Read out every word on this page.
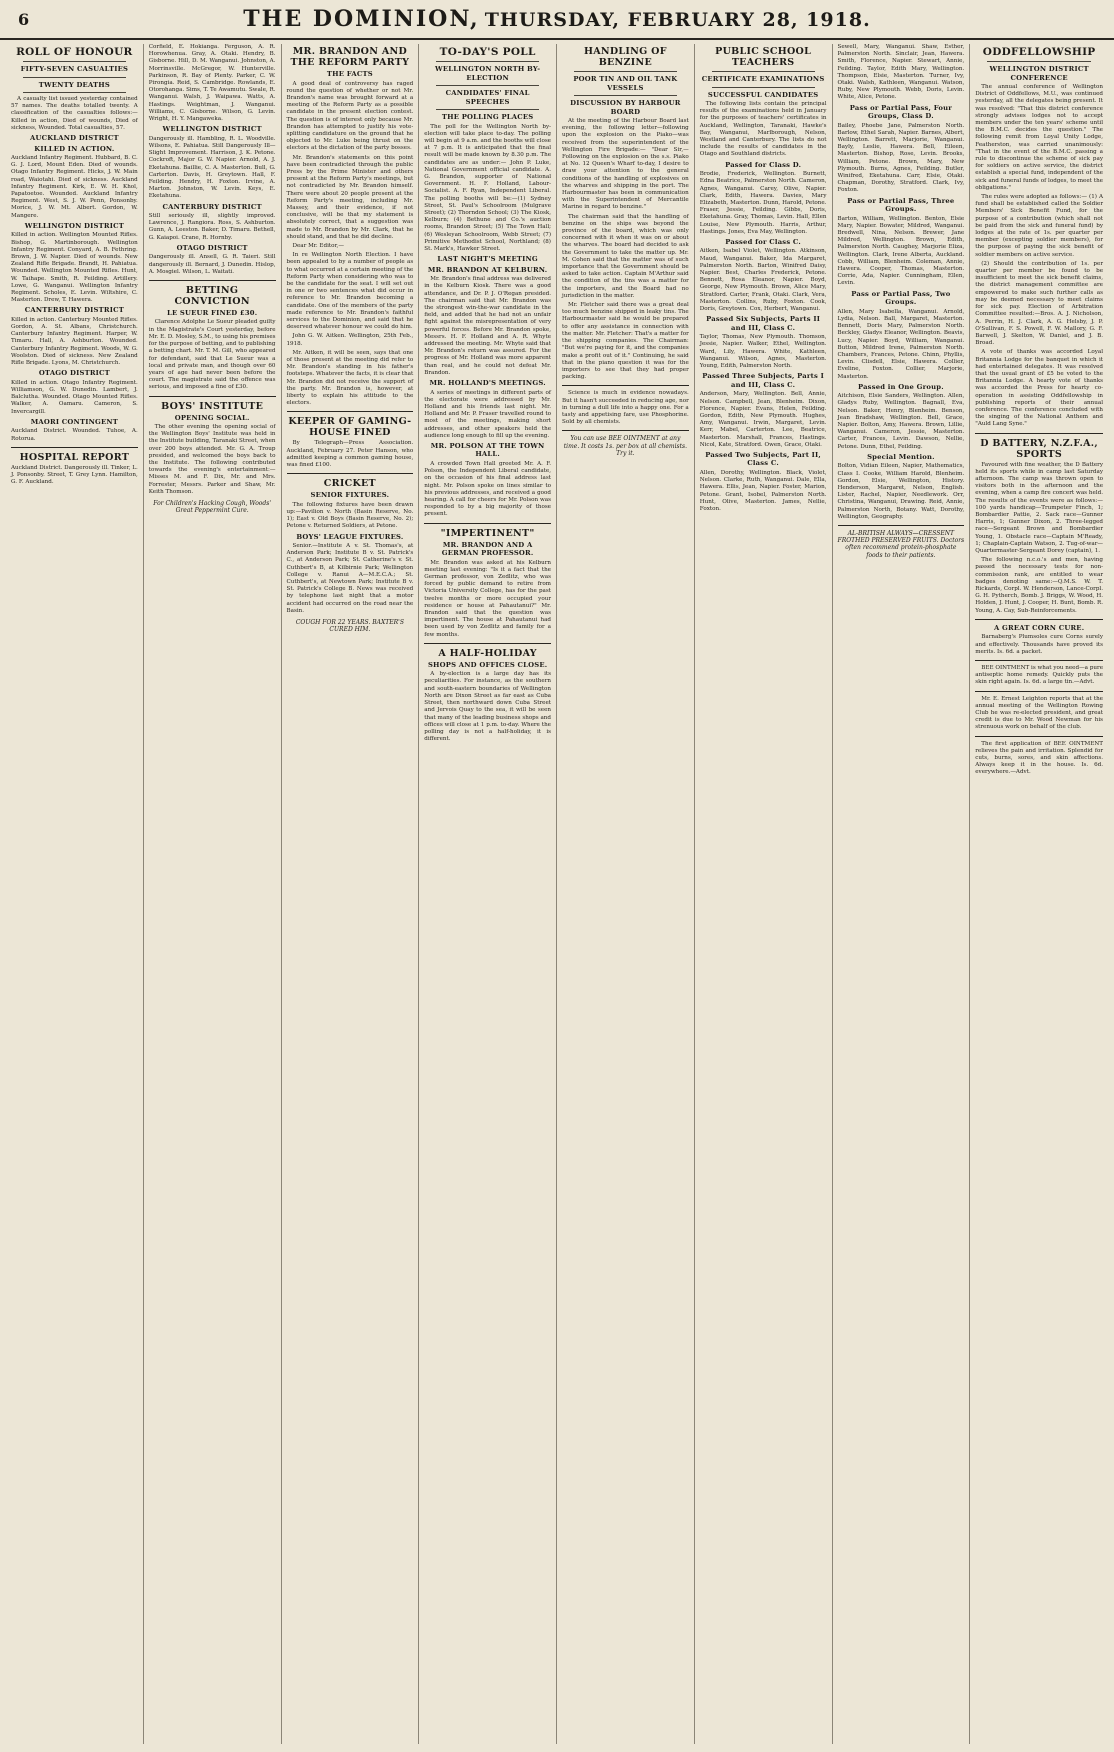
6	THE DOMINION, THURSDAY, FEBRUARY 28, 1918.
ROLL OF HONOUR
FIFTY-SEVEN CASUALTIES
TWENTY DEATHS

A casualty list issued yesterday contained 57 names. The deaths totalled twenty. A classification of the casualties follows:— Killed in action, Died of wounds, Died of sickness, Wounded. Total casualties, 57.

AUCKLAND DISTRICT
KILLED IN ACTION.

Auckland Infantry Regiment. Hubbard, B. C. G. J. Lord, Mount Eden. Died of wounds. Otago Infantry Regiment. Hicks, J. W. Main road, Waiotahi. Died of sickness. Auckland Infantry Regiment. Kirk, E. W. H. Khol, Papatoetoe. Wounded. Auckland Infantry Regiment. West, S. J. W. Penn, Ponsonby. Morice, J. W. Mt. Albert. Gordon, W. Mangere.

WELLINGTON DISTRICT

Killed in action. Wellington Mounted Rifles. Bishop, G. Martinborough. Wellington Infantry Regiment. Conyard, A. B. Fethring. Brown, J. W. Napier. Died of wounds. New Zealand Rifle Brigade. Brandt, H. Pahiatua. Wounded. Wellington Mounted Rifles. Hunt, W. Taihape. Smith, R. Feilding. Artillery. Lowe, G. Wanganui. Wellington Infantry Regiment. Scholes, E. Levin. Wiltshire, C. Masterton. Drew, T. Hawera.

CANTERBURY DISTRICT

Killed in action. Canterbury Mounted Rifles. Gordon, A. St. Albans, Christchurch. Canterbury Infantry Regiment. Harper, W. Timaru. Hall, A. Ashburton. Wounded. Canterbury Infantry Regiment. Woods, W. G. Woolston. Died of sickness. New Zealand Rifle Brigade. Lyons, M. Christchurch.

OTAGO DISTRICT

Killed in action. Otago Infantry Regiment. Williamson, G. W. Dunedin. Lambert, J. Balclutha. Wounded. Otago Mounted Rifles. Walker, A. Oamaru. Cameron, S. Invercargill.

MAORI CONTINGENT

Auckland District. Wounded. Tuhoe, A. Rotorua.

HOSPITAL REPORT

Auckland District. Dangerously ill. Tinker, L. J. Ponsonby. Street, T. Grey Lynn. Hamilton, G. F. Auckland.

Corfield, E. Hokianga. Ferguson, A. R. Horowhenua. Gray, A. Otaki. Hendry, B. Gisborne. Hill, D. M. Wanganui. Johnston, A. Morrinsville. McGregor, W. Hunterville. Parkinson, R. Bay of Plenty. Parker, C. W. Pirongia. Reid, S. Cambridge. Rowlands, E. Otorohanga. Sims, T. Te Awamutu. Swale, R. Wanganui. Walsh, J. Waipawa. Watts, A. Hastings. Weightman, J. Wanganui. Williams, C. Gisborne. Wilson, G. Levin. Wright, H. Y. Mangaweka.

WELLINGTON DISTRICT

Dangerously ill. Hambling, R. L. Woodville. Wilsons, E. Pahiatua. Still Dangerously Ill—Slight Improvement. Harrison, J. K. Petone. Cockroft, Major G. W. Napier. Arnold, A. J. Eketahuna. Baillie, C. A. Masterton. Bull, G. Carterton. Davis, H. Greytown. Hall, F. Feilding. Hendry, H. Foxton. Irvine, A. Marton. Johnston, W. Levin. Keys, E. Eketahuna.

CANTERBURY DISTRICT

Still seriously ill, slightly improved. Lawrence, J. Rangiora. Ross, S. Ashburton. Gunn, A. Leeston. Baker, D. Timaru. Bethell, G. Kaiapoi. Crane, R. Hornby.

OTAGO DISTRICT

Dangerously ill. Ansell, G. R. Taieri. Still dangerously ill. Bernard, J. Dunedin. Hislop, A. Mosgiel. Wilson, L. Waitati.

BETTING CONVICTION
LE SUEUR FINED £30.

Clarence Adolphe Le Sueur pleaded guilty in the Magistrate's Court yesterday, before Mr. E. D. Mosley, S.M., to using his premises for the purpose of betting, and to publishing a betting chart. Mr. T. M. Gill, who appeared for defendant, said that Le Sueur was a local and private man, and though over 60 years of age had never been before the court. The magistrate said the offence was serious, and imposed a fine of £30.

BOYS' INSTITUTE
OPENING SOCIAL.

The other evening the opening social of the Wellington Boys' Institute was held in the Institute building, Taranaki Street, when over 200 boys attended. Mr. G. A. Troup presided, and welcomed the boys back to the Institute. The following contributed towards the evening's entertainment:— Misses M. and F. Dix, Mr. and Mrs. Forrester, Messrs. Parker and Shaw, Mr. Keith Thomson.

For Children's Hacking Cough, Woods' Great Peppermint Cure.
MR. BRANDON AND THE REFORM PARTY
THE FACTS

A good deal of controversy has raged round the question of whether or not Mr. Brandon's name was brought forward at a meeting of the Reform Party as a possible candidate in the present election contest. The question is of interest only because Mr. Brandon has attempted to justify his vote-splitting candidature on the ground that he objected to Mr. Luke being thrust on the electors at the dictation of the party bosses.

Mr. Brandon's statements on this point have been contradicted through the public Press by the Prime Minister and others present at the Reform Party's meetings, but not contradicted by Mr. Brandon himself. There were about 20 people present at the Reform Party's meeting, including Mr. Massey, and their evidence, if not conclusive, will be that my statement is absolutely correct, that a suggestion was made to Mr. Brandon by Mr. Clark, that he should stand, and that he did decline.

Dear Mr. Editor,—

In re Wellington North Election. I have been appealed to by a number of people as to what occurred at a certain meeting of the Reform Party when considering who was to be the candidate for the seat. I will set out in one or two sentences what did occur in reference to Mr. Brandon becoming a candidate. One of the members of the party made reference to Mr. Brandon's faithful services to the Dominion, and said that he deserved whatever honour we could do him.

John G. W. Aitken. Wellington, 25th Feb., 1918.

Mr. Aitken, it will be seen, says that one of those present at the meeting did refer to Mr. Brandon's standing in his father's footsteps. Whatever the facts, it is clear that Mr. Brandon did not receive the support of the party. Mr. Brandon is, however, at liberty to explain his attitude to the electors.

KEEPER OF GAMING-HOUSE FINED

By Telegraph—Press Association. Auckland, February 27. Peter Hanson, who admitted keeping a common gaming house, was fined £100.

CRICKET
SENIOR FIXTURES.

The following fixtures have been drawn up:—Pavilion v. North (Basin Reserve, No. 1); East v. Old Boys (Basin Reserve, No. 2); Petone v. Returned Soldiers, at Petone.

BOYS' LEAGUE FIXTURES.

Senior.—Institute A v. St. Thomas's, at Anderson Park; Institute B v. St. Patrick's C., at Anderson Park; St. Catherine's v. St. Cuthbert's B, at Kilbirnie Park; Wellington College v. Ranui A—M.E.C.A.; St. Cuthbert's, at Newtown Park; Institute B v. St. Patrick's College B. News was received by telephone last night that a motor accident had occurred on the road near the Basin.

COUGH FOR 22 YEARS. BAXTER'S CURED HIM.
TO-DAY'S POLL
WELLINGTON NORTH BY-ELECTION
CANDIDATES' FINAL SPEECHES
THE POLLING PLACES

The poll for the Wellington North by-election will take place to-day. The polling will begin at 9 a.m. and the booths will close at 7 p.m. It is anticipated that the final result will be made known by 8.30 p.m. The candidates are as under:— John P. Luke, National Government official candidate. A. G. Brandon, supporter of National Government. H. F. Holland, Labour-Socialist. A. F. Ryan, Independent Liberal. The polling booths will be:—(1) Sydney Street, St. Paul's Schoolroom (Mulgrave Street); (2) Thorndon School; (3) The Kiosk, Kelburn; (4) Bethune and Co.'s auction rooms, Brandon Street; (5) The Town Hall; (6) Wesleyan Schoolroom, Webb Street; (7) Primitive Methodist School, Northland; (8) St. Mark's, Hawker Street.

LAST NIGHT'S MEETING
MR. BRANDON AT KELBURN.

Mr. Brandon's final address was delivered in the Kelburn Kiosk. There was a good attendance, and Dr. P. J. O'Regan presided. The chairman said that Mr. Brandon was the strongest win-the-war candidate in the field, and added that he had not an unfair fight against the misrepresentation of very powerful forces. Before Mr. Brandon spoke, Messrs. H. F. Holland and A. R. Whyte addressed the meeting. Mr. Whyte said that Mr. Brandon's return was assured. For the progress of Mr. Holland was more apparent than real, and he could not defeat Mr. Brandon.

MR. HOLLAND'S MEETINGS.

A series of meetings in different parts of the electorate were addressed by Mr. Holland and his friends last night. Mr. Holland and Mr. P. Fraser travelled round to most of the meetings, making short addresses, and other speakers held the audience long enough to fill up the evening.

MR. POLSON AT THE TOWN HALL.

A crowded Town Hall greeted Mr. A. F. Polson, the Independent Liberal candidate, on the occasion of his final address last night. Mr. Polson spoke on lines similar to his previous addresses, and received a good hearing. A call for cheers for Mr. Polson was responded to by a big majority of those present.

"IMPERTINENT"
MR. BRANDON AND A GERMAN PROFESSOR.

Mr. Brandon was asked at his Kelburn meeting last evening: "Is it a fact that the German professor, von Zedlitz, who was forced by public demand to retire from Victoria University College, has for the past twelve months or more occupied your residence or house at Pahautanui?" Mr. Brandon said that the question was impertinent. The house at Pahautanui had been used by von Zedlitz and family for a few months.

A HALF-HOLIDAY
SHOPS AND OFFICES CLOSE.

A by-election is a large day has its peculiarities. For instance, as the southern and south-eastern boundaries of Wellington North are Dixon Street as far east as Cuba Street, then northward down Cuba Street and Jervois Quay to the sea, it will be seen that many of the leading business shops and offices will close at 1 p.m. to-day. Where the polling day is not a half-holiday, it is different.

HANDLING OF BENZINE
POOR TIN AND OIL TANK VESSELS
DISCUSSION BY HARBOUR BOARD

At the meeting of the Harbour Board last evening, the following letter—following upon the explosion on the Piako—was received from the superintendent of the Wellington Fire Brigade:— "Dear Sir,—Following on the explosion on the s.s. Piako at No. 12 Queen's Wharf to-day, I desire to draw your attention to the general conditions of the handling of explosives on the wharves and shipping in the port. The Harbourmaster has been in communication with the Superintendent of Mercantile Marine in regard to benzine."

The chairman said that the handling of benzine on the ships was beyond the province of the board, which was only concerned with it when it was on or about the wharves. The board had decided to ask the Government to take the matter up. Mr. M. Cohen said that the matter was of such importance that the Government should be asked to take action. Captain M'Arthur said the condition of the tins was a matter for the importers, and the Board had no jurisdiction in the matter.

Mr. Fletcher said there was a great deal too much benzine shipped in leaky tins. The Harbourmaster said he would be prepared to offer any assistance in connection with the matter. Mr. Fletcher: That's a matter for the shipping companies. The Chairman: "But we're paying for it, and the companies make a profit out of it." Continuing, he said that in the piano question it was for the importers to see that they had proper packing.

Science is much in evidence nowadays. But it hasn't succeeded in reducing age, nor in turning a dull life into a happy one. For a tasty and appetising fare, use Phosphorine. Sold by all chemists.

You can use BEE OINTMENT at any time. It costs 1s. per box at all chemists. Try it.
PUBLIC SCHOOL TEACHERS
CERTIFICATE EXAMINATIONS
SUCCESSFUL CANDIDATES

The following lists contain the principal results of the examinations held in January for the purposes of teachers' certificates in Auckland, Wellington, Taranaki, Hawke's Bay, Wanganui, Marlborough, Nelson, Westland and Canterbury. The lists do not include the results of candidates in the Otago and Southland districts.

Passed for Class D.

Brodie, Frederick, Wellington. Burnett, Edna Beatrice, Palmerston North. Cameron, Agnes, Wanganui. Carey, Olive, Napier. Clark, Edith, Hawera. Davies, Mary Elizabeth, Masterton. Dunn, Harold, Petone. Fraser, Jessie, Feilding. Gibbs, Doris, Eketahuna. Gray, Thomas, Levin. Hall, Ellen Louise, New Plymouth. Harris, Arthur, Hastings. Jones, Eva May, Wellington.

Passed for Class C.

Aitken, Isabel Violet, Wellington. Atkinson, Maud, Wanganui. Baker, Ida Margaret, Palmerston North. Barton, Winifred Daisy, Napier. Best, Charles Frederick, Petone. Bennett, Rosa Eleanor, Napier. Boyd, George, New Plymouth. Brown, Alice Mary, Stratford. Carter, Frank, Otaki. Clark, Vera, Masterton. Collins, Ruby, Foxton. Cook, Doris, Greytown. Cox, Herbert, Wanganui.

Passed Six Subjects, Parts II and III, Class C.

Taylor, Thomas, New Plymouth. Thomson, Jessie, Napier. Walker, Ethel, Wellington. Ward, Lily, Hawera. White, Kathleen, Wanganui. Wilson, Agnes, Masterton. Young, Edith, Palmerston North.

Passed Three Subjects, Parts I and III, Class C.

Anderson, Mary, Wellington. Bell, Annie, Nelson. Campbell, Jean, Blenheim. Dixon, Florence, Napier. Evans, Helen, Feilding. Gordon, Edith, New Plymouth. Hughes, Amy, Wanganui. Irwin, Margaret, Levin. Kerr, Mabel, Carterton. Lee, Beatrice, Masterton. Marshall, Frances, Hastings. Nicol, Kate, Stratford. Owen, Grace, Otaki.

Passed Two Subjects, Part II, Class C.

Allen, Dorothy, Wellington. Black, Violet, Nelson. Clarke, Ruth, Wanganui. Dale, Ella, Hawera. Ellis, Jean, Napier. Foster, Marion, Petone. Grant, Isobel, Palmerston North. Hunt, Olive, Masterton. James, Nellie, Foxton.

Sewell, Mary, Wanganui. Shaw, Esther, Palmerston North. Sinclair, Jean, Hawera. Smith, Florence, Napier. Stewart, Annie, Feilding. Taylor, Edith Mary, Wellington. Thompson, Elsie, Masterton. Turner, Ivy, Otaki. Walsh, Kathleen, Wanganui. Watson, Ruby, New Plymouth. Webb, Doris, Levin. White, Alice, Petone.

Pass or Partial Pass, Four Groups, Class D.

Bailey, Phoebe Jane, Palmerston North. Barlow, Ethel Sarah, Napier. Barnes, Albert, Wellington. Barrett, Marjorie, Wanganui. Bayly, Leslie, Hawera. Bell, Eileen, Masterton. Bishop, Rose, Levin. Brooks, William, Petone. Brown, Mary, New Plymouth. Burns, Agnes, Feilding. Butler, Winifred, Eketahuna. Carr, Elsie, Otaki. Chapman, Dorothy, Stratford. Clark, Ivy, Foxton.

Pass or Partial Pass, Three Groups.

Barton, William, Wellington. Benton, Elsie Mary, Napier. Bowater, Mildred, Wanganui. Bredwell, Nina, Nelson. Brewer, Jane Mildred, Wellington. Brown, Edith, Palmerston North. Caughey, Marjorie Eliza, Wellington. Clark, Irene Alberta, Auckland. Cobb, William, Blenheim. Coleman, Annie, Hawera. Cooper, Thomas, Masterton. Corrie, Ada, Napier. Cunningham, Ellen, Levin.

Pass or Partial Pass, Two Groups.

Allen, Mary Isabella, Wanganui. Arnold, Lydia, Nelson. Ball, Margaret, Masterton. Bennett, Doris Mary, Palmerston North. Beckley, Gladys Eleanor, Wellington. Beavis, Lucy, Napier. Boyd, William, Wanganui. Button, Mildred Irene, Palmerston North. Chambers, Frances, Petone. Chinn, Phyllis, Levin. Clisdell, Elsie, Hawera. Collier, Eveline, Foxton. Collier, Marjorie, Masterton.

Passed in One Group.

Aitchison, Elsie Sanders, Wellington. Allen, Gladys Ruby, Wellington. Bagnall, Eva, Nelson. Baker, Henry, Blenheim. Benson, Jean Bradshaw, Wellington. Bell, Grace, Napier. Bolton, Amy, Hawera. Brown, Lillie, Wanganui. Cameron, Jessie, Masterton. Carter, Frances, Levin. Dawson, Nellie, Petone. Dunn, Ethel, Feilding.

Special Mention.

Bolton, Vidian Eileen, Napier, Mathematics, Class I. Cooke, William Harold, Blenheim. Gordon, Elsie, Wellington, History. Henderson, Margaret, Nelson, English. Lister, Rachel, Napier, Needlework. Orr, Christina, Wanganui, Drawing. Reid, Annie, Palmerston North, Botany. Watt, Dorothy, Wellington, Geography.

AL-BRITISH ALWAYS—CRESSENT FROTHED PRESERVED FRUITS. Doctors often recommend protein-phosphate foods to their patients.
ODDFELLOWSHIP
WELLINGTON DISTRICT CONFERENCE

The annual conference of Wellington District of Oddfellows, M.U., was continued yesterday, all the delegates being present. It was resolved: "That this district conference strongly advises lodges not to accept members under the ten years' scheme until the B.M.C. decides the question." The following remit from Loyal Unity Lodge, Featherston, was carried unanimously: "That in the event of the B.M.C. passing a rule to discontinue the scheme of sick pay for soldiers on active service, the district establish a special fund, independent of the sick and funeral funds of lodges, to meet the obligations."

The rules were adopted as follows:— (1) A fund shall be established called the Soldier Members' Sick Benefit Fund, for the purpose of a contribution (which shall not be paid from the sick and funeral fund) by lodges at the rate of 1s. per quarter per member (excepting soldier members), for the purpose of paying the sick benefit of soldier members on active service.

(2) Should the contribution of 1s. per quarter per member be found to be insufficient to meet the sick benefit claims, the district management committee are empowered to make such further calls as may be deemed necessary to meet claims for sick pay. Election of Arbitration Committee resulted:—Bros. A. J. Nicholson, A. Perrin, H. J. Clark, A. G. Helsby, J. P. O'Sullivan, F. S. Powell, F. W. Mallory, G. F. Barwell, J. Skelton, W. Daniel, and J. B. Broad.

A vote of thanks was accorded Loyal Britannia Lodge for the banquet in which it had entertained delegates. It was resolved that the usual grant of £5 be voted to the Britannia Lodge. A hearty vote of thanks was accorded the Press for hearty co-operation in assisting Oddfellowship in publishing reports of their annual conference. The conference concluded with the singing of the National Anthem and "Auld Lang Syne."

D BATTERY, N.Z.F.A., SPORTS

Favoured with fine weather, the D Battery held its sports while in camp last Saturday afternoon. The camp was thrown open to visitors both in the afternoon and the evening, when a camp fire concert was held. The results of the events were as follows:— 100 yards handicap—Trumpeter Finch, 1; Bombardier Pattie, 2. Sack race—Gunner Harris, 1; Gunner Dixon, 2. Three-legged race—Sergeant Brown and Bombardier Young, 1. Obstacle race—Captain M'Ready, 1; Chaplain-Captain Watson, 2. Tug-of-war—Quartermaster-Sergeant Dorey (captain), 1.

The following n.c.o.'s and men, having passed the necessary tests for non-commission rank, are entitled to wear badges denoting same:—Q.M.S. W. T. Rickards, Corpl. W. Henderson, Lance-Corpl. G. H. Pytherch, Bomb. J. Briggs, W. Wood, H. Holden, J. Hunt, J. Cooper, H. Bunt, Bomb. R. Young, A. Cay, Sub-Reinforcements.

A GREAT CORN CURE.

Barnaberg's Plumsoles cure Corns surely and effectively. Thousands have proved its merits. Is. 6d. a packet.

BEE OINTMENT is what you need—a pure antiseptic home remedy. Quickly puts the skin right again. Is. 6d. a large tin.—Advt.

Mr. E. Ernest Leighton reports that at the annual meeting of the Wellington Rowing Club he was re-elected president, and great credit is due to Mr. Wood Newman for his strenuous work on behalf of the club.

The first application of BEE OINTMENT relieves the pain and irritation. Splendid for cuts, burns, sores, and skin affections. Always keep it in the house. Is. 6d. everywhere.—Advt.
